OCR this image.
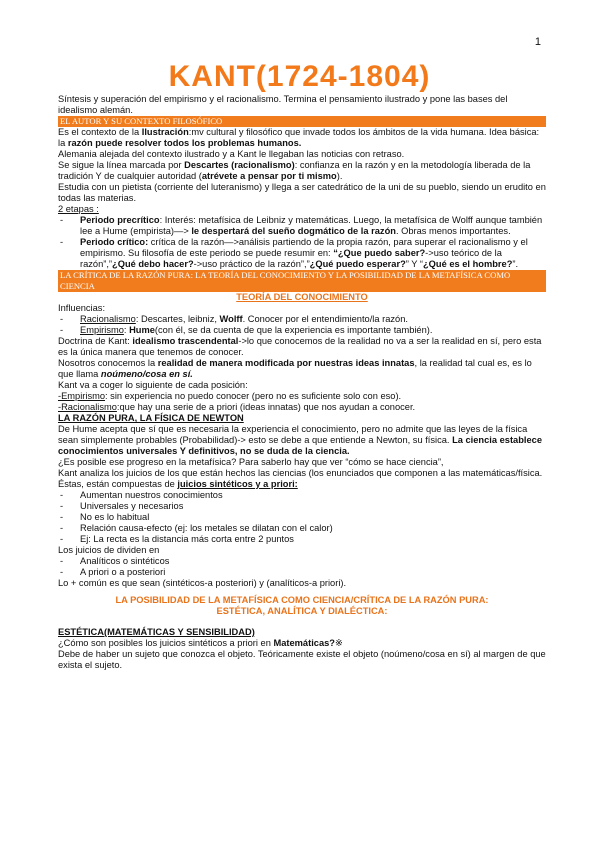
1
KANT(1724-1804)

Síntesis y superación del empirismo y el racionalismo. Termina el pensamiento ilustrado y pone las bases del idealismo alemán.

EL AUTOR Y SU CONTEXTO FILOSÓFICO

Es el contexto de la Ilustración:mv cultural y filosófico que invade todos los ámbitos de la vida humana. Idea básica: la razón puede resolver todos los problemas humanos.

Alemania alejada del contexto ilustrado y a Kant le llegaban las noticias con retraso.

Se sigue la línea marcada por Descartes (racionalismo): confianza en la razón y en la metodología liberada de la tradición Y de cualquier autoridad (atrévete a pensar por ti mismo).

Estudia con un pietista (corriente del luteranismo) y llega a ser catedrático de la uni de su pueblo, siendo un erudito en todas las materias.

2 etapas :

- Periodo precrítico: Interés: metafísica de Leibniz y matemáticas. Luego, la metafísica de Wolff aunque también lee a Hume (empirista)—> le despertará del sueño dogmático de la razón. Obras menos importantes.

- Periodo crítico: crítica de la razón—>análisis partiendo de la propia razón, para superar el racionalismo y el empirismo. Su filosofía de este periodo se puede resumir en: “¿Que puedo saber?->uso teórico de la razón”,”¿Qué debo hacer?->uso práctico de la razón”,”¿Qué puedo esperar?” Y “¿Qué es el hombre?”.

LA CRÍTICA DE LA RAZÓN PURA: LA TEORÍA DEL CONOCIMIENTO Y LA POSIBILIDAD DE LA METAFÍSICA COMO CIENCIA

TEORÍA DEL CONOCIMIENTO

Influencias:

- Racionalismo: Descartes, leibniz, Wolff. Conocer por el entendimiento/la razón.

- Empirismo: Hume(con él, se da cuenta de que la experiencia es importante también).

Doctrina de Kant: idealismo trascendental->lo que conocemos de la realidad no va a ser la realidad en sí, pero esta es la única manera que tenemos de conocer.

Nosotros conocemos la realidad de manera modificada por nuestras ideas innatas, la realidad tal cual es, es lo que llama noúmeno/cosa en sí.

Kant va a coger lo siguiente de cada posición:

-Empirismo: sin experiencia no puedo conocer (pero no es suficiente solo con eso).

-Racionalismo:que hay una serie de a priori (ideas innatas) que nos ayudan a conocer.

LA RAZÓN PURA, LA FÍSICA DE NEWTON

De Hume acepta que sí que es necesaria la experiencia el conocimiento, pero no admite que las leyes de la física sean simplemente probables (Probabilidad)-> esto se debe a que entiende a Newton, su física. La ciencia establece conocimientos universales Y definitivos, no se duda de la ciencia.

¿Es posible ese progreso en la metafísica? Para saberlo hay que ver “cómo se hace ciencia”,

Kant analiza los juicios de los que están hechos las ciencias (los enunciados que componen a las matemáticas/física. Éstas, están compuestas de juicios sintéticos y a priori:

- Aumentan nuestros conocimientos

- Universales y necesarios

- No es lo habitual

- Relación causa-efecto (ej: los metales se dilatan con el calor)

- Ej: La recta es la distancia más corta entre 2 puntos

Los juicios de dividen en

- Analíticos o sintéticos

- A priori o a posteriori

Lo + común es que sean (sintéticos-a posteriori) y (analíticos-a priori).

LA POSIBILIDAD DE LA METAFÍSICA COMO CIENCIA/CRÍTICA DE LA RAZÓN PURA:

ESTÉTICA, ANALÍTICA Y DIALÉCTICA:

ESTÉTICA(MATEMÁTICAS Y SENSIBILIDAD)

¿Cómo son posibles los juicios sintéticos a priori en Matemáticas?※

Debe de haber un sujeto que conozca el objeto. Teóricamente existe el objeto (noúmeno/cosa en sí) al margen de que exista el sujeto.
